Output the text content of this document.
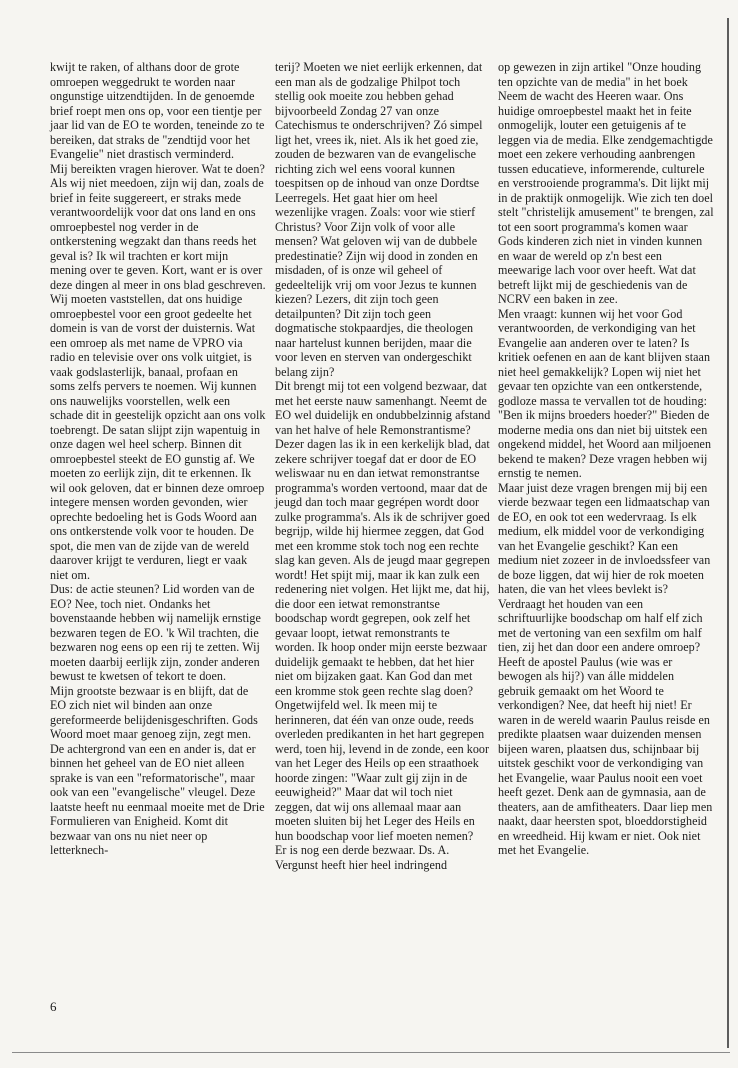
kwijt te raken, of althans door de grote omroepen weggedrukt te worden naar ongunstige uitzendtijden. In de genoemde brief roept men ons op, voor een tientje per jaar lid van de EO te worden, teneinde zo te bereiken, dat straks de "zendtijd voor het Evangelie" niet drastisch verminderd.

Mij bereikten vragen hierover. Wat te doen? Als wij niet meedoen, zijn wij dan, zoals de brief in feite suggereert, er straks mede verantwoordelijk voor dat ons land en ons omroepbestel nog verder in de ontkerstening wegzakt dan thans reeds het geval is? Ik wil trachten er kort mijn mening over te geven. Kort, want er is over deze dingen al meer in ons blad geschreven.

Wij moeten vaststellen, dat ons huidige omroepbestel voor een groot gedeelte het domein is van de vorst der duisternis. Wat een omroep als met name de VPRO via radio en televisie over ons volk uitgiet, is vaak godslasterlijk, banaal, profaan en soms zelfs pervers te noemen. Wij kunnen ons nauwelijks voorstellen, welk een schade dit in geestelijk opzicht aan ons volk toebrengt. De satan slijpt zijn wapentuig in onze dagen wel heel scherp. Binnen dit omroepbestel steekt de EO gunstig af. We moeten zo eerlijk zijn, dit te erkennen. Ik wil ook geloven, dat er binnen deze omroep integere mensen worden gevonden, wier oprechte bedoeling het is Gods Woord aan ons ontkerstende volk voor te houden. De spot, die men van de zijde van de wereld daarover krijgt te verduren, liegt er vaak niet om.

Dus: de actie steunen? Lid worden van de EO? Nee, toch niet. Ondanks het bovenstaande hebben wij namelijk ernstige bezwaren tegen de EO. 'k Wil trachten, die bezwaren nog eens op een rij te zetten. Wij moeten daarbij eerlijk zijn, zonder anderen bewust te kwetsen of tekort te doen.

Mijn grootste bezwaar is en blijft, dat de EO zich niet wil binden aan onze gereformeerde belijdenisgeschriften. Gods Woord moet maar genoeg zijn, zegt men. De achtergrond van een en ander is, dat er binnen het geheel van de EO niet alleen sprake is van een "reformatorische", maar ook van een "evangelische" vleugel. Deze laatste heeft nu eenmaal moeite met de Drie Formulieren van Enigheid. Komt dit bezwaar van ons nu niet neer op letterknech-

terij? Moeten we niet eerlijk erkennen, dat een man als de godzalige Philpot toch stellig ook moeite zou hebben gehad bijvoorbeeld Zondag 27 van onze Catechismus te onderschrijven? Zó simpel ligt het, vrees ik, niet. Als ik het goed zie, zouden de bezwaren van de evangelische richting zich wel eens vooral kunnen toespitsen op de inhoud van onze Dordtse Leerregels. Het gaat hier om heel wezenlijke vragen. Zoals: voor wie stierf Christus? Voor Zijn volk of voor alle mensen? Wat geloven wij van de dubbele predestinatie? Zijn wij dood in zonden en misdaden, of is onze wil geheel of gedeeltelijk vrij om voor Jezus te kunnen kiezen? Lezers, dit zijn toch geen detailpunten? Dit zijn toch geen dogmatische stokpaardjes, die theologen naar hartelust kunnen berijden, maar die voor leven en sterven van ondergeschikt belang zijn?

Dit brengt mij tot een volgend bezwaar, dat met het eerste nauw samenhangt. Neemt de EO wel duidelijk en ondubbelzinnig afstand van het halve of hele Remonstrantisme? Dezer dagen las ik in een kerkelijk blad, dat zekere schrijver toegaf dat er door de EO weliswaar nu en dan ietwat remonstrantse programma's worden vertoond, maar dat de jeugd dan toch maar gegrépen wordt door zulke programma's. Als ik de schrijver goed begrijp, wilde hij hiermee zeggen, dat God met een kromme stok toch nog een rechte slag kan geven. Als de jeugd maar gegrepen wordt! Het spijt mij, maar ik kan zulk een redenering niet volgen. Het lijkt me, dat hij, die door een ietwat remonstrantse boodschap wordt gegrepen, ook zelf het gevaar loopt, ietwat remonstrants te worden. Ik hoop onder mijn eerste bezwaar duidelijk gemaakt te hebben, dat het hier niet om bijzaken gaat. Kan God dan met een kromme stok geen rechte slag doen? Ongetwijfeld wel. Ik meen mij te herinneren, dat één van onze oude, reeds overleden predikanten in het hart gegrepen werd, toen hij, levend in de zonde, een koor van het Leger des Heils op een straathoek hoorde zingen: "Waar zult gij zijn in de eeuwigheid?" Maar dat wil toch niet zeggen, dat wij ons allemaal maar aan moeten sluiten bij het Leger des Heils en hun boodschap voor lief moeten nemen?

Er is nog een derde bezwaar. Ds. A. Vergunst heeft hier heel indringend

op gewezen in zijn artikel "Onze houding ten opzichte van de media" in het boek Neem de wacht des Heeren waar. Ons huidige omroepbestel maakt het in feite onmogelijk, louter een getuigenis af te leggen via de media. Elke zendgemachtigde moet een zekere verhouding aanbrengen tussen educatieve, informerende, culturele en verstrooiende programma's. Dit lijkt mij in de praktijk onmogelijk. Wie zich ten doel stelt "christelijk amusement" te brengen, zal tot een soort programma's komen waar Gods kinderen zich niet in vinden kunnen en waar de wereld op z'n best een meewarige lach voor over heeft. Wat dat betreft lijkt mij de geschiedenis van de NCRV een baken in zee.

Men vraagt: kunnen wij het voor God verantwoorden, de verkondiging van het Evangelie aan anderen over te laten? Is kritiek oefenen en aan de kant blijven staan niet heel gemakkelijk? Lopen wij niet het gevaar ten opzichte van een ontkerstende, godloze massa te vervallen tot de houding: "Ben ik mijns broeders hoeder?" Bieden de moderne media ons dan niet bij uitstek een ongekend middel, het Woord aan miljoenen bekend te maken? Deze vragen hebben wij ernstig te nemen.

Maar juist deze vragen brengen mij bij een vierde bezwaar tegen een lidmaatschap van de EO, en ook tot een wedervraag. Is elk medium, elk middel voor de verkondiging van het Evangelie geschikt? Kan een medium niet zozeer in de invloedssfeer van de boze liggen, dat wij hier de rok moeten haten, die van het vlees bevlekt is? Verdraagt het houden van een schriftuurlijke boodschap om half elf zich met de vertoning van een sexfilm om half tien, zij het dan door een andere omroep? Heeft de apostel Paulus (wie was er bewogen als hij?) van álle middelen gebruik gemaakt om het Woord te verkondigen? Nee, dat heeft hij niet! Er waren in de wereld waarin Paulus reisde en predikte plaatsen waar duizenden mensen bijeen waren, plaatsen dus, schijnbaar bij uitstek geschikt voor de verkondiging van het Evangelie, waar Paulus nooit een voet heeft gezet. Denk aan de gymnasia, aan de theaters, aan de amfitheaters. Daar liep men naakt, daar heersten spot, bloeddorstigheid en wreedheid. Hij kwam er niet. Ook niet met het Evangelie.

6
